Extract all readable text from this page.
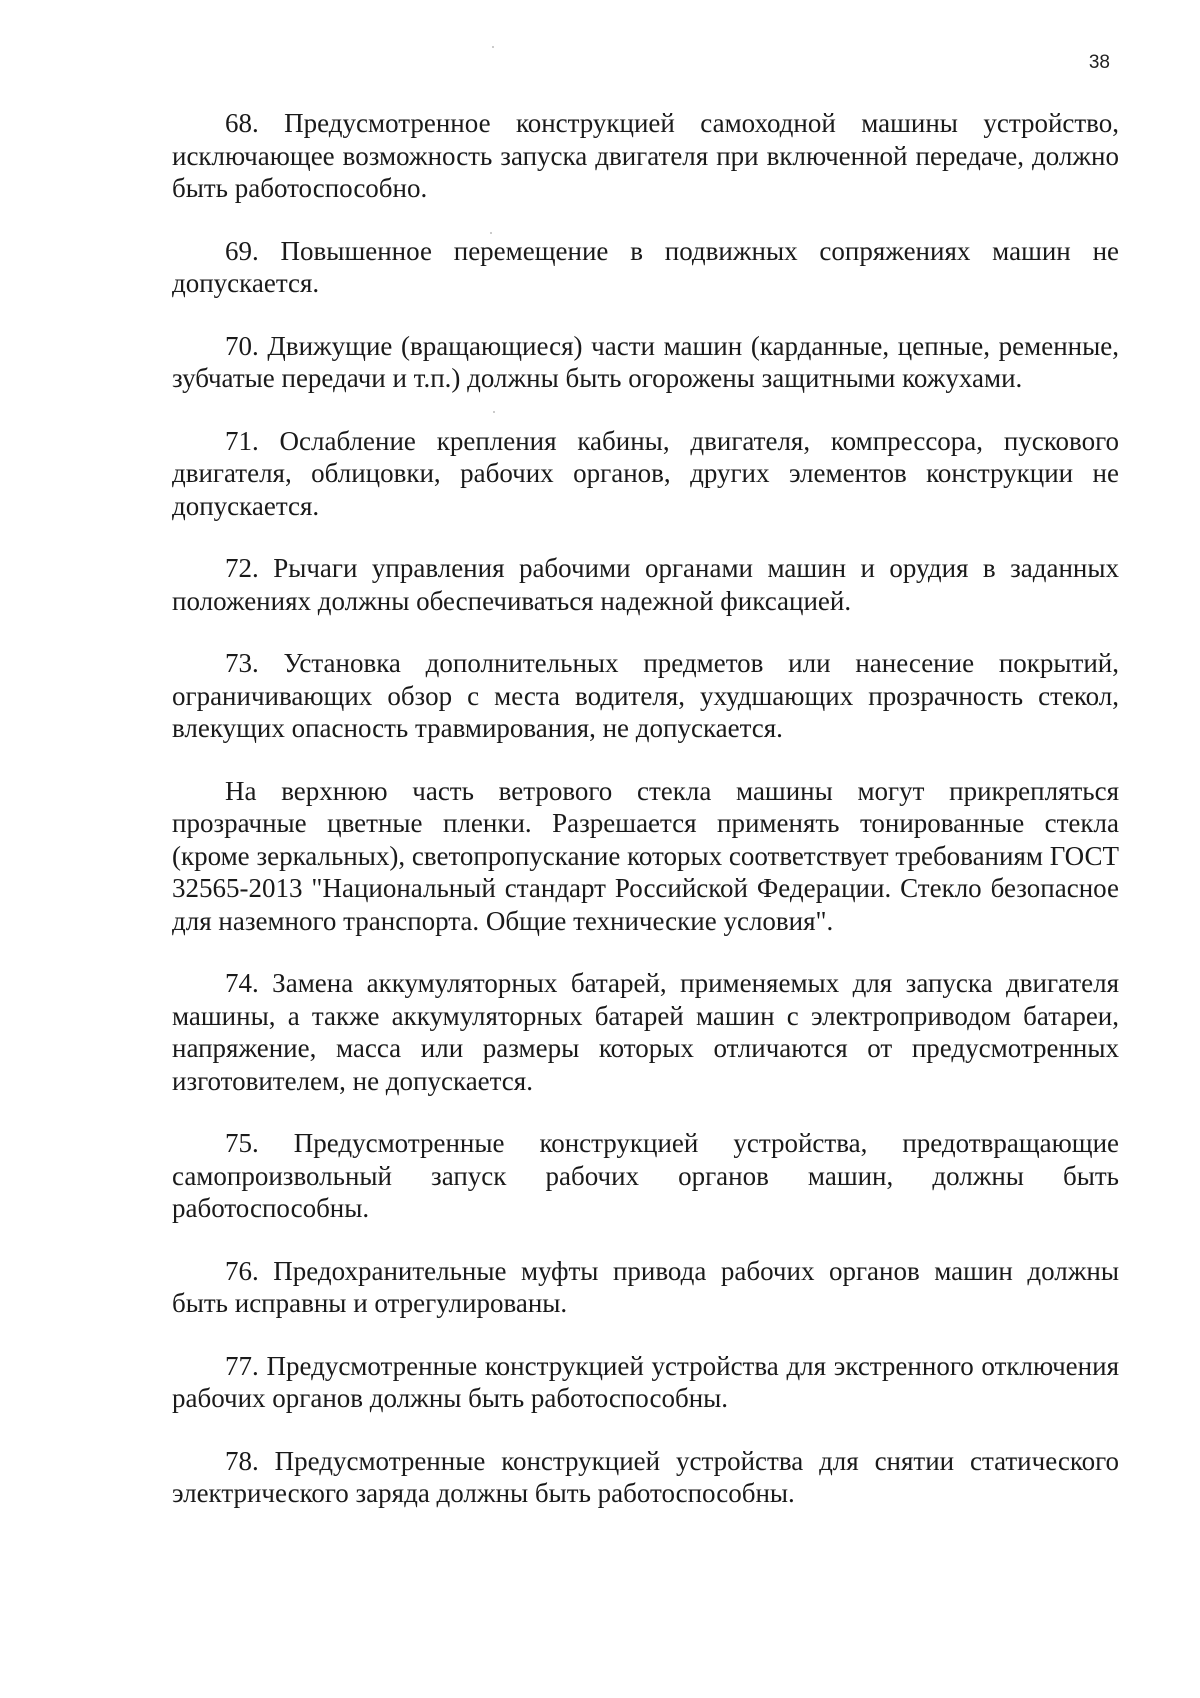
38

68. Предусмотренное конструкцией самоходной машины устройство, исключающее возможность запуска двигателя при включенной передаче, должно быть работоспособно.

69. Повышенное перемещение в подвижных сопряжениях машин не допускается.

70. Движущие (вращающиеся) части машин (карданные, цепные, ременные, зубчатые передачи и т.п.) должны быть огорожены защитными кожухами.

71. Ослабление крепления кабины, двигателя, компрессора, пускового двигателя, облицовки, рабочих органов, других элементов конструкции не допускается.

72. Рычаги управления рабочими органами машин и орудия в заданных положениях должны обеспечиваться надежной фиксацией.

73. Установка дополнительных предметов или нанесение покрытий, ограничивающих обзор с места водителя, ухудшающих прозрачность стекол, влекущих опасность травмирования, не допускается.

На верхнюю часть ветрового стекла машины могут прикрепляться прозрачные цветные пленки. Разрешается применять тонированные стекла (кроме зеркальных), светопропускание которых соответствует требованиям ГОСТ 32565-2013 "Национальный стандарт Российской Федерации. Стекло безопасное для наземного транспорта. Общие технические условия".

74. Замена аккумуляторных батарей, применяемых для запуска двигателя машины, а также аккумуляторных батарей машин с электроприводом батареи, напряжение, масса или размеры которых отличаются от предусмотренных изготовителем, не допускается.

75. Предусмотренные конструкцией устройства, предотвращающие самопроизвольный запуск рабочих органов машин, должны быть работоспособны.

76. Предохранительные муфты привода рабочих органов машин должны быть исправны и отрегулированы.

77. Предусмотренные конструкцией устройства для экстренного отключения рабочих органов должны быть работоспособны.

78. Предусмотренные конструкцией устройства для снятии статического электрического заряда должны быть работоспособны.
